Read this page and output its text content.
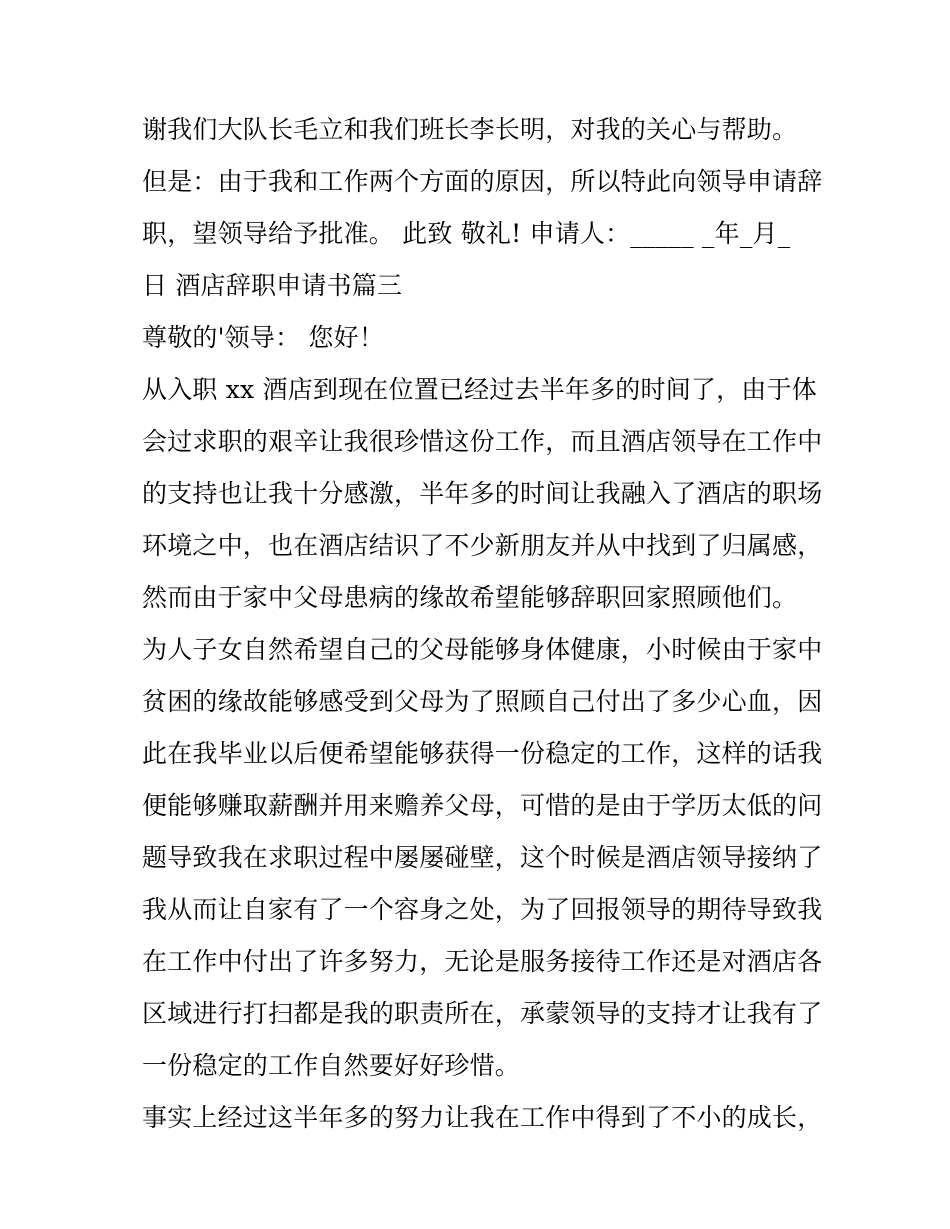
谢我们大队长毛立和我们班长李长明，对我的关心与帮助。
但是：由于我和工作两个方面的原因，所以特此向领导申请辞
职，望领导给予批准。 此致 敬礼! 申请人：_____ _年_月_
日 酒店辞职申请书篇三
尊敬的'领导： 您好！
从入职 xx 酒店到现在位置已经过去半年多的时间了，由于体
会过求职的艰辛让我很珍惜这份工作，而且酒店领导在工作中
的支持也让我十分感激，半年多的时间让我融入了酒店的职场
环境之中，也在酒店结识了不少新朋友并从中找到了归属感，
然而由于家中父母患病的缘故希望能够辞职回家照顾他们。
为人子女自然希望自己的父母能够身体健康，小时候由于家中
贫困的缘故能够感受到父母为了照顾自己付出了多少心血，因
此在我毕业以后便希望能够获得一份稳定的工作，这样的话我
便能够赚取薪酬并用来赡养父母，可惜的是由于学历太低的问
题导致我在求职过程中屡屡碰壁，这个时候是酒店领导接纳了
我从而让自家有了一个容身之处，为了回报领导的期待导致我
在工作中付出了许多努力，无论是服务接待工作还是对酒店各
区域进行打扫都是我的职责所在，承蒙领导的支持才让我有了
一份稳定的工作自然要好好珍惜。
事实上经过这半年多的努力让我在工作中得到了不小的成长，
